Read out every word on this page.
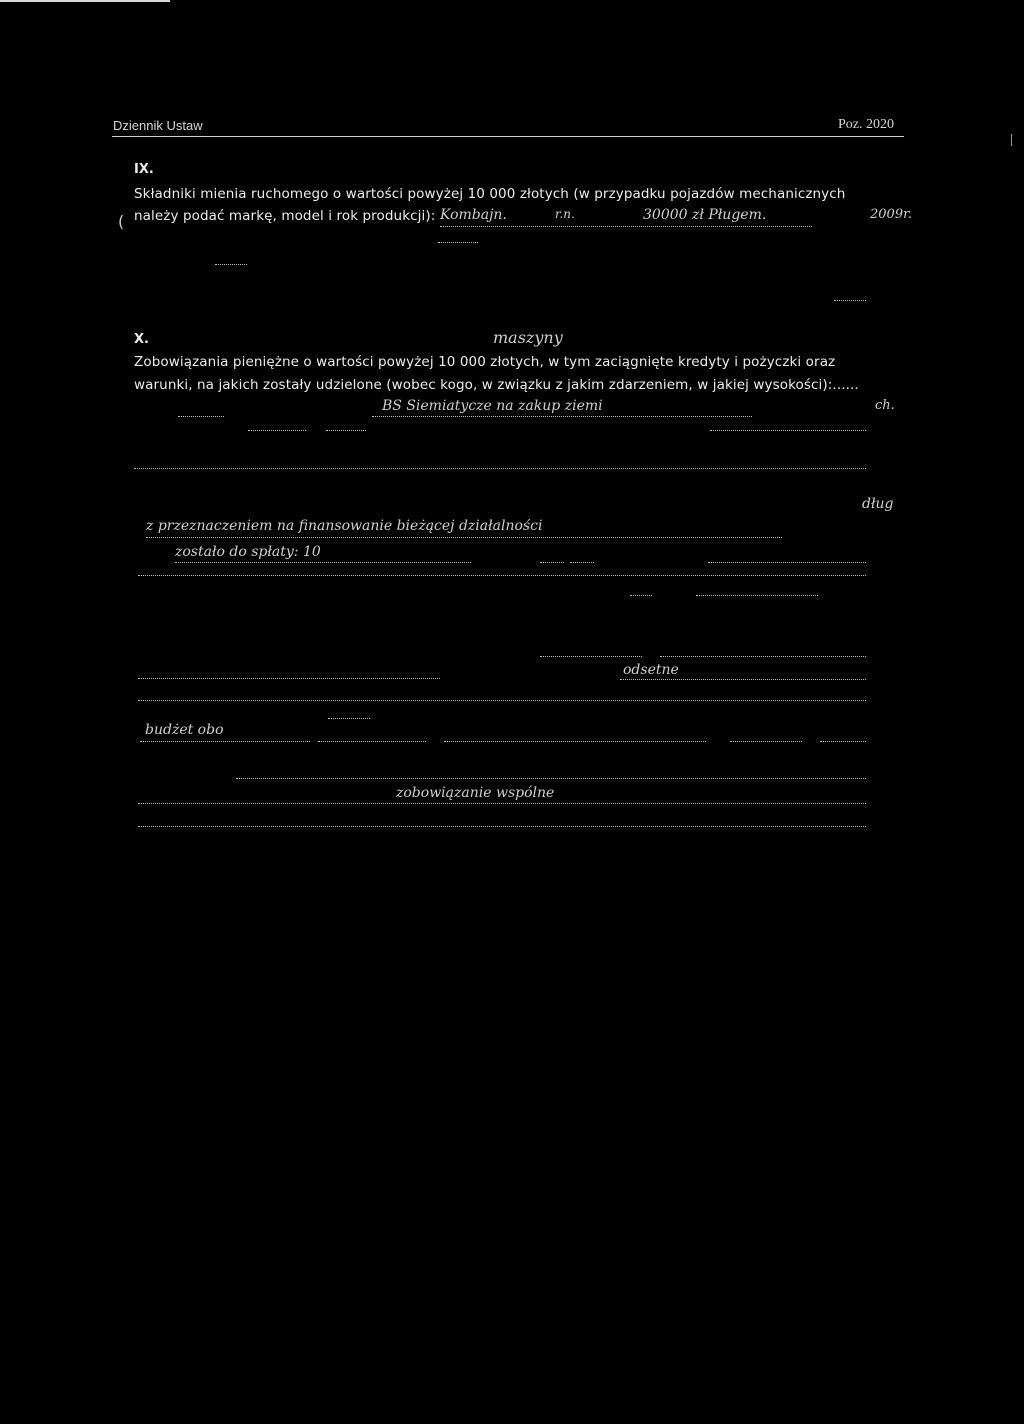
Dziennik Ustaw	Poz. 2020
IX.
Składniki mienia ruchomego o wartości powyżej 10 000 złotych (w przypadku pojazdów mechanicznych
( należy podać markę, model i rok produkcji): Kombajn.	r.n.	30000 zł Pługem.	2009r.
X.	maszyny
Zobowiązania pieniężne o wartości powyżej 10 000 złotych, w tym zaciągnięte kredyty i pożyczki oraz
warunki, na jakich zostały udzielone (wobec kogo, w związku z jakim zdarzeniem, w jakiej wysokości):......
BS Siemiatycze na zakup ziemi	ch.
z przeznaczeniem na finansowanie bieżącej działalności
dług
zostało do spłaty: 10
odsetne
budżet obo
zobowiązanie wspólne
